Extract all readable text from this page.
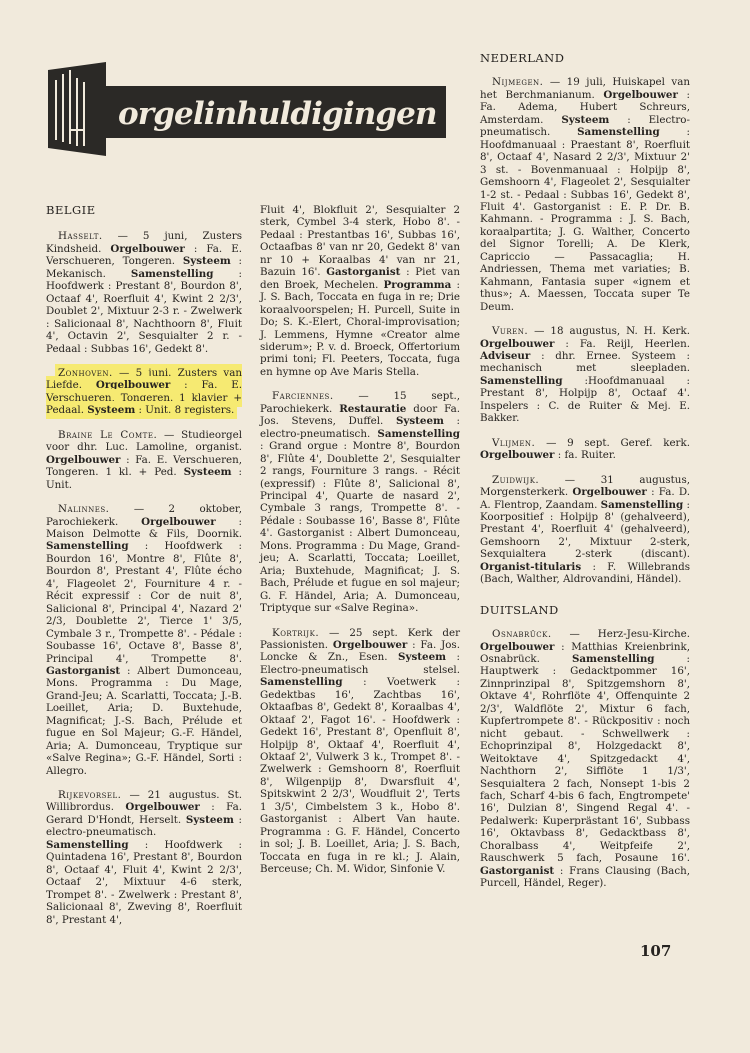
orgelinhuldigingen
BELGIE

Hasselt. — 5 juni, Zusters Kindsheid. Orgelbouwer : Fa. E. Verschueren, Tongeren. Systeem : Mekanisch. Samenstelling : Hoofdwerk : Prestant 8', Bourdon 8', Octaaf 4', Roerfluit 4', Kwint 2 2/3', Doublet 2', Mixtuur 2-3 r. - Zwelwerk : Salicionaal 8', Nachthoorn 8', Fluit 4', Octavin 2', Sesquialter 2 r. - Pedaal : Subbas 16', Gedekt 8'.

Zonhoven. — 5 juni. Zusters van Liefde. Orgelbouwer : Fa. E. Verschueren, Tongeren. 1 klavier + Pedaal. Systeem : Unit. 8 registers.

Braine Le Comte. — Studieorgel voor dhr. Luc. Lamoline, organist. Orgelbouwer : Fa. E. Verschueren, Tongeren. 1 kl. + Ped. Systeem : Unit.

Nalinnes. — 2 oktober, Parochiekerk. Orgelbouwer : Maison Delmotte & Fils, Doornik. Samenstelling : Hoofdwerk : Bourdon 16', Montre 8', Flûte 8', Bourdon 8', Prestant 4', Flûte écho 4', Flageolet 2', Fourniture 4 r. - Récit expressif : Cor de nuit 8', Salicional 8', Principal 4', Nazard 2' 2/3, Doublette 2', Tierce 1' 3/5, Cymbale 3 r., Trompette 8'. - Pédale : Soubasse 16', Octave 8', Basse 8', Principal 4', Trompette 8'. Gastorganist : Albert Dumonceau, Mons. Programma : Du Mage, Grand-Jeu; A. Scarlatti, Toccata; J.-B. Loeillet, Aria; D. Buxtehude, Magnificat; J.-S. Bach, Prélude et fugue en Sol Majeur; G.-F. Händel, Aria; A. Dumonceau, Tryptique sur «Salve Regina»; G.-F. Händel, Sorti : Allegro.

Rijkevorsel. — 21 augustus. St. Willibrordus. Orgelbouwer : Fa. Gerard D'Hondt, Herselt. Systeem : electro-pneumatisch. Samenstelling : Hoofdwerk : Quintadena 16', Prestant 8', Bourdon 8', Octaaf 4', Fluit 4', Kwint 2 2/3', Octaaf 2', Mixtuur 4-6 sterk, Trompet 8'. - Zwelwerk : Prestant 8', Salicionaal 8', Zweving 8', Roerfluit 8', Prestant 4',

Fluit 4', Blokfluit 2', Sesquialter 2 sterk, Cymbel 3-4 sterk, Hobo 8'. - Pedaal : Prestantbas 16', Subbas 16', Octaafbas 8' van nr 20, Gedekt 8' van nr 10 + Koraalbas 4' van nr 21, Bazuin 16'. Gastorganist : Piet van den Broek, Mechelen. Programma : J. S. Bach, Toccata en fuga in re; Drie koraalvoorspelen; H. Purcell, Suite in Do; S. K.-Elert, Choral-improvisation; J. Lemmens, Hymne «Creator alme siderum»; P. v. d. Broeck, Offertorium primi toni; Fl. Peeters, Toccata, fuga en hymne op Ave Maris Stella.

Farciennes. — 15 sept., Parochiekerk. Restauratie door Fa. Jos. Stevens, Duffel. Systeem : electro-pneumatisch. Samenstelling : Grand orgue : Montre 8', Bourdon 8', Flûte 4', Doublette 2', Sesquialter 2 rangs, Fourniture 3 rangs. - Récit (expressif) : Flûte 8', Salicional 8', Principal 4', Quarte de nasard 2', Cymbale 3 rangs, Trompette 8'. - Pédale : Soubasse 16', Basse 8', Flûte 4'. Gastorganist : Albert Dumonceau, Mons. Programma : Du Mage, Grand-jeu; A. Scarlatti, Toccata; Loeillet, Aria; Buxtehude, Magnificat; J. S. Bach, Prélude et fugue en sol majeur; G. F. Händel, Aria; A. Dumonceau, Triptyque sur «Salve Regina».

Kortrijk. — 25 sept. Kerk der Passionisten. Orgelbouwer : Fa. Jos. Loncke & Zn., Esen. Systeem : Electro-pneumatisch stelsel. Samenstelling : Voetwerk : Gedektbas 16', Zachtbas 16', Oktaafbas 8', Gedekt 8', Koraalbas 4', Oktaaf 2', Fagot 16'. - Hoofdwerk : Gedekt 16', Prestant 8', Openfluit 8', Holpijp 8', Oktaaf 4', Roerfluit 4', Oktaaf 2', Vulwerk 3 k., Trompet 8'. - Zwelwerk : Gemshoorn 8', Roerfluit 8', Wilgenpijp 8', Dwarsfluit 4', Spitskwint 2 2/3', Woudfluit 2', Terts 1 3/5', Cimbelstem 3 k., Hobo 8'. Gastorganist : Albert Van haute. Programma : G. F. Händel, Concerto in sol; J. B. Loeillet, Aria; J. S. Bach, Toccata en fuga in re kl.; J. Alain, Berceuse; Ch. M. Widor, Sinfonie V.

NEDERLAND

Nijmegen. — 19 juli, Huiskapel van het Berchmanianum. Orgelbouwer : Fa. Adema, Hubert Schreurs, Amsterdam. Systeem : Electro-pneumatisch. Samenstelling : Hoofdmanuaal : Praestant 8', Roerfluit 8', Octaaf 4', Nasard 2 2/3', Mixtuur 2' 3 st. - Bovenmanuaal : Holpijp 8', Gemshoorn 4', Flageolet 2', Sesquialter 1-2 st. - Pedaal : Subbas 16', Gedekt 8', Fluit 4'. Gastorganist : E. P. Dr. B. Kahmann. - Programma : J. S. Bach, koraalpartita; J. G. Walther, Concerto del Signor Torelli; A. De Klerk, Capriccio — Passacaglia; H. Andriessen, Thema met variaties; B. Kahmann, Fantasia super «ignem et thus»; A. Maessen, Toccata super Te Deum.

Vuren. — 18 augustus, N. H. Kerk. Orgelbouwer : Fa. Reijl, Heerlen. Adviseur : dhr. Ernee. Systeem : mechanisch met sleepladen. Samenstelling :Hoofdmanuaal : Prestant 8', Holpijp 8', Octaaf 4'. Inspelers : C. de Ruiter & Mej. E. Bakker.

Vlijmen. — 9 sept. Geref. kerk. Orgelbouwer : fa. Ruiter.

Zuidwijk. — 31 augustus, Morgensterkerk. Orgelbouwer : Fa. D. A. Flentrop, Zaandam. Samenstelling : Koorpositief : Holpijp 8' (gehalveerd), Prestant 4', Roerfluit 4' (gehalveerd), Gemshoorn 2', Mixtuur 2-sterk, Sexquialtera 2-sterk (discant). Organist-titularis : F. Willebrands (Bach, Walther, Aldrovandini, Händel).

DUITSLAND

Osnabrück. — Herz-Jesu-Kirche. Orgelbouwer : Matthias Kreienbrink, Osnabrück. Samenstelling : Hauptwerk : Gedacktpommer 16', Zinnprinzipal 8', Spitzgemshorn 8', Oktave 4', Rohrflöte 4', Offenquinte 2 2/3', Waldflöte 2', Mixtur 6 fach, Kupfertrompete 8'. - Rückpositiv : noch nicht gebaut. - Schwellwerk : Echoprinzipal 8', Holzgedackt 8', Weitoktave 4', Spitzgedackt 4', Nachthorn 2', Sifflöte 1 1/3', Sesquialtera 2 fach, Nonsept 1-bis 2 fach, Scharf 4-bis 6 fach, Engtrompete' 16', Dulzian 8', Singend Regal 4'. - Pedalwerk: Kuperprästant 16', Subbass 16', Oktavbass 8', Gedacktbass 8', Choralbass 4', Weitpfeife 2', Rauschwerk 5 fach, Posaune 16'. Gastorganist : Frans Clausing (Bach, Purcell, Händel, Reger).

107
